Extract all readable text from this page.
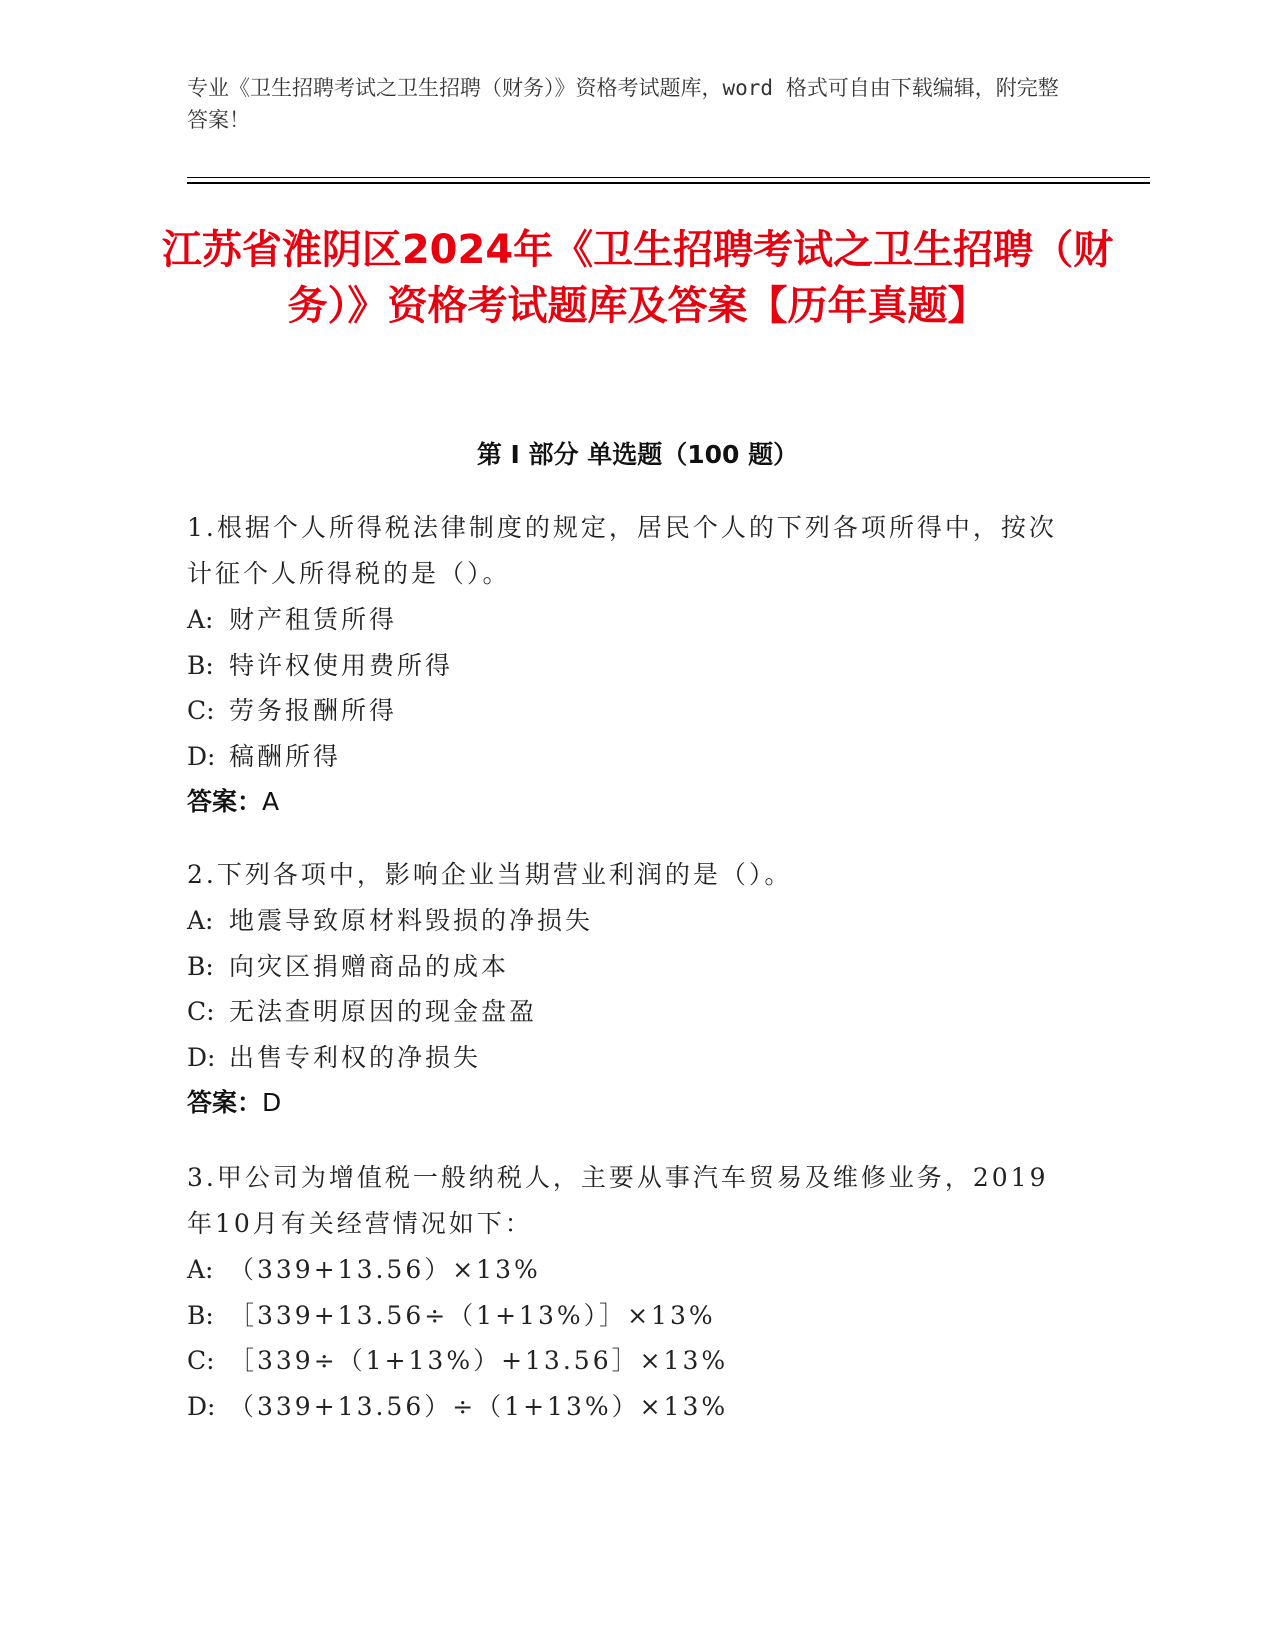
专业《卫生招聘考试之卫生招聘（财务）》资格考试题库，word 格式可自由下载编辑，附完整答案！
江苏省淮阴区2024年《卫生招聘考试之卫生招聘（财务）》资格考试题库及答案【历年真题】
第 I 部分 单选题（100 题）
1.根据个人所得税法律制度的规定，居民个人的下列各项所得中，按次计征个人所得税的是（）。
A: 财产租赁所得
B: 特许权使用费所得
C: 劳务报酬所得
D: 稿酬所得
答案：A
2.下列各项中，影响企业当期营业利润的是（）。
A: 地震导致原材料毁损的净损失
B: 向灾区捐赠商品的成本
C: 无法查明原因的现金盘盈
D: 出售专利权的净损失
答案：D
3.甲公司为增值税一般纳税人，主要从事汽车贸易及维修业务，2019年10月有关经营情况如下：
A: （339+13.56）×13%
B: ［339+13.56÷（1+13%）］×13%
C: ［339÷（1+13%）+13.56］×13%
D: （339+13.56）÷（1+13%）×13%
